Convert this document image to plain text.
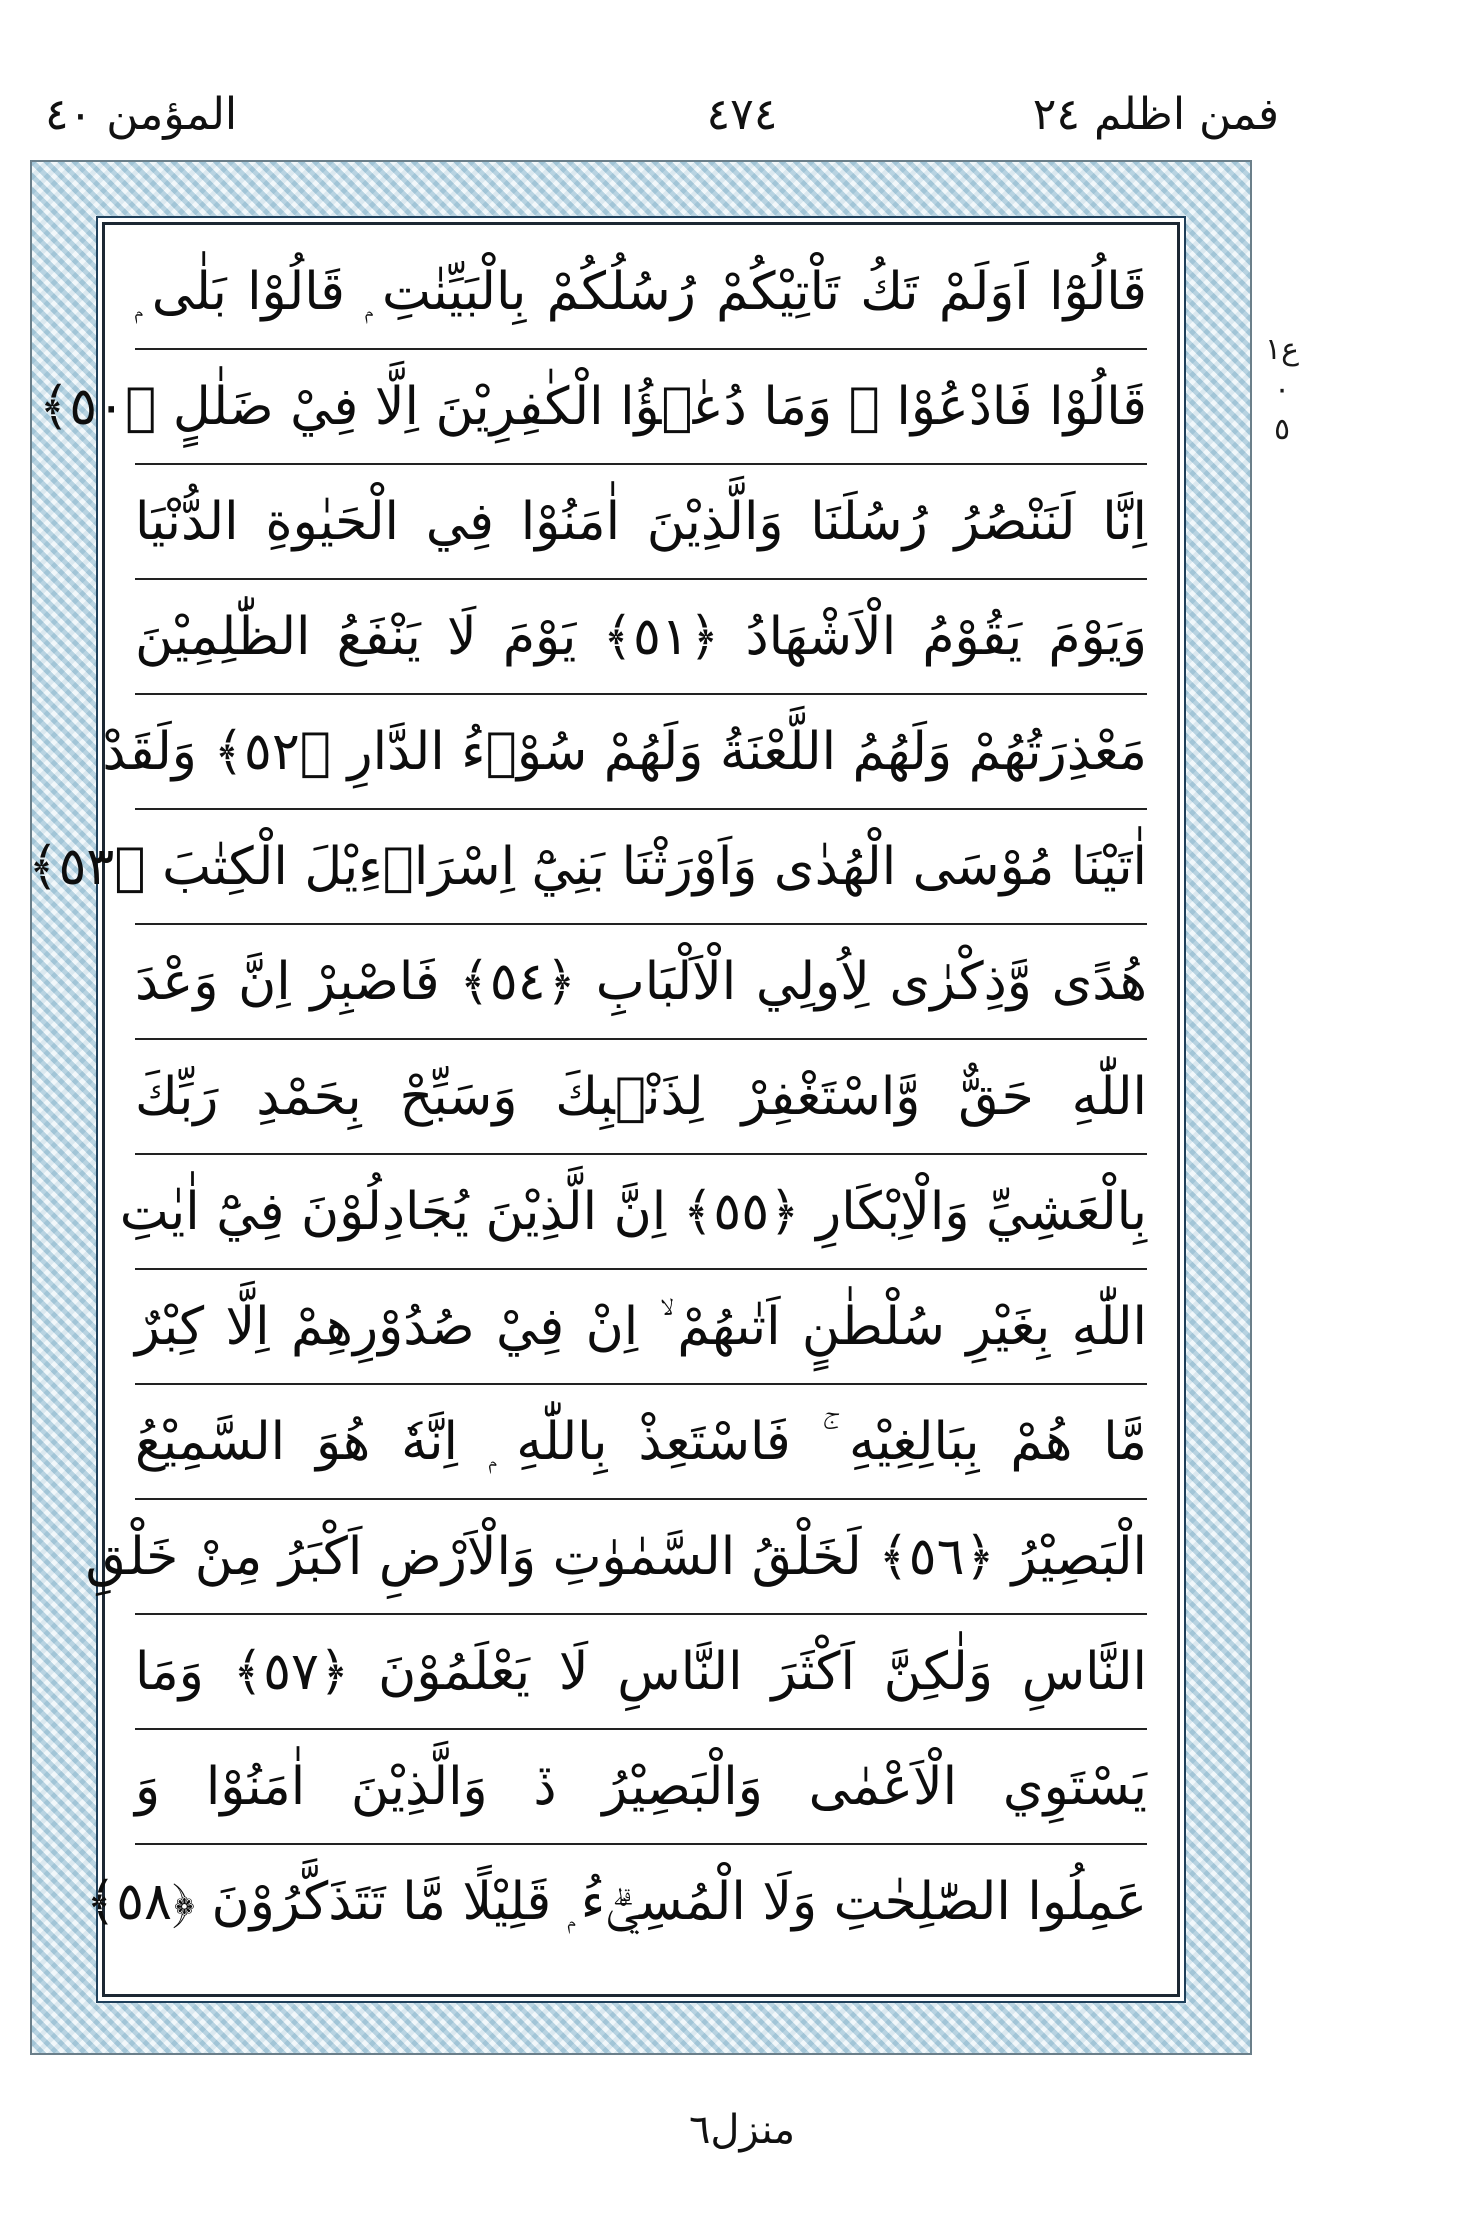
فمن اظلم ٢٤
٤٧٤
المؤمن ٤٠
قَالُوْٓا اَوَلَمْ تَكُ تَاْتِيْكُمْ رُسُلُكُمْ بِالْبَيِّنٰتِ ۭ قَالُوْا بَلٰى ۭ
قَالُوْا فَادْعُوْا ۚ وَمَا دُعٰۗؤُا الْكٰفِرِيْنَ اِلَّا فِيْ ضَلٰلٍ ﴿٥٠﴾
اِنَّا لَنَنْصُرُ رُسُلَنَا وَالَّذِيْنَ اٰمَنُوْا فِي الْحَيٰوةِ الدُّنْيَا
وَيَوْمَ يَقُوْمُ الْاَشْهَادُ ﴿٥١﴾ يَوْمَ لَا يَنْفَعُ الظّٰلِمِيْنَ
مَعْذِرَتُهُمْ وَلَهُمُ اللَّعْنَةُ وَلَهُمْ سُوْۗءُ الدَّارِ ﴿٥٢﴾ وَلَقَدْ
اٰتَيْنَا مُوْسَى الْهُدٰى وَاَوْرَثْنَا بَنِيْٓ اِسْرَاۗءِيْلَ الْكِتٰبَ ﴿٥٣﴾
هُدًى وَّذِكْرٰى لِاُولِي الْاَلْبَابِ ﴿٥٤﴾ فَاصْبِرْ اِنَّ وَعْدَ
اللّٰهِ حَقٌّ وَّاسْتَغْفِرْ لِذَنْۢبِكَ وَسَبِّحْ بِحَمْدِ رَبِّكَ
بِالْعَشِيِّ وَالْاِبْكَارِ ﴿٥٥﴾ اِنَّ الَّذِيْنَ يُجَادِلُوْنَ فِيْٓ اٰيٰتِ
اللّٰهِ بِغَيْرِ سُلْطٰنٍ اَتٰىهُمْ ۙ اِنْ فِيْ صُدُوْرِهِمْ اِلَّا كِبْرٌ
مَّا هُمْ بِبَالِغِيْهِ ۚ فَاسْتَعِذْ بِاللّٰهِ ۭ اِنَّهٗ هُوَ السَّمِيْعُ
الْبَصِيْرُ ﴿٥٦﴾ لَخَلْقُ السَّمٰوٰتِ وَالْاَرْضِ اَكْبَرُ مِنْ خَلْقِ
النَّاسِ وَلٰكِنَّ اَكْثَرَ النَّاسِ لَا يَعْلَمُوْنَ ﴿٥٧﴾ وَمَا
يَسْتَوِي الْاَعْمٰى وَالْبَصِيْرُ ڏ وَالَّذِيْنَ اٰمَنُوْا وَ
عَمِلُوا الصّٰلِحٰتِ وَلَا الْمُسِيْۗءُ ۭ قَلِيْلًا مَّا تَتَذَكَّرُوْنَ ﴿٥٨﴾
ع١٠ ٥
منزل٦
